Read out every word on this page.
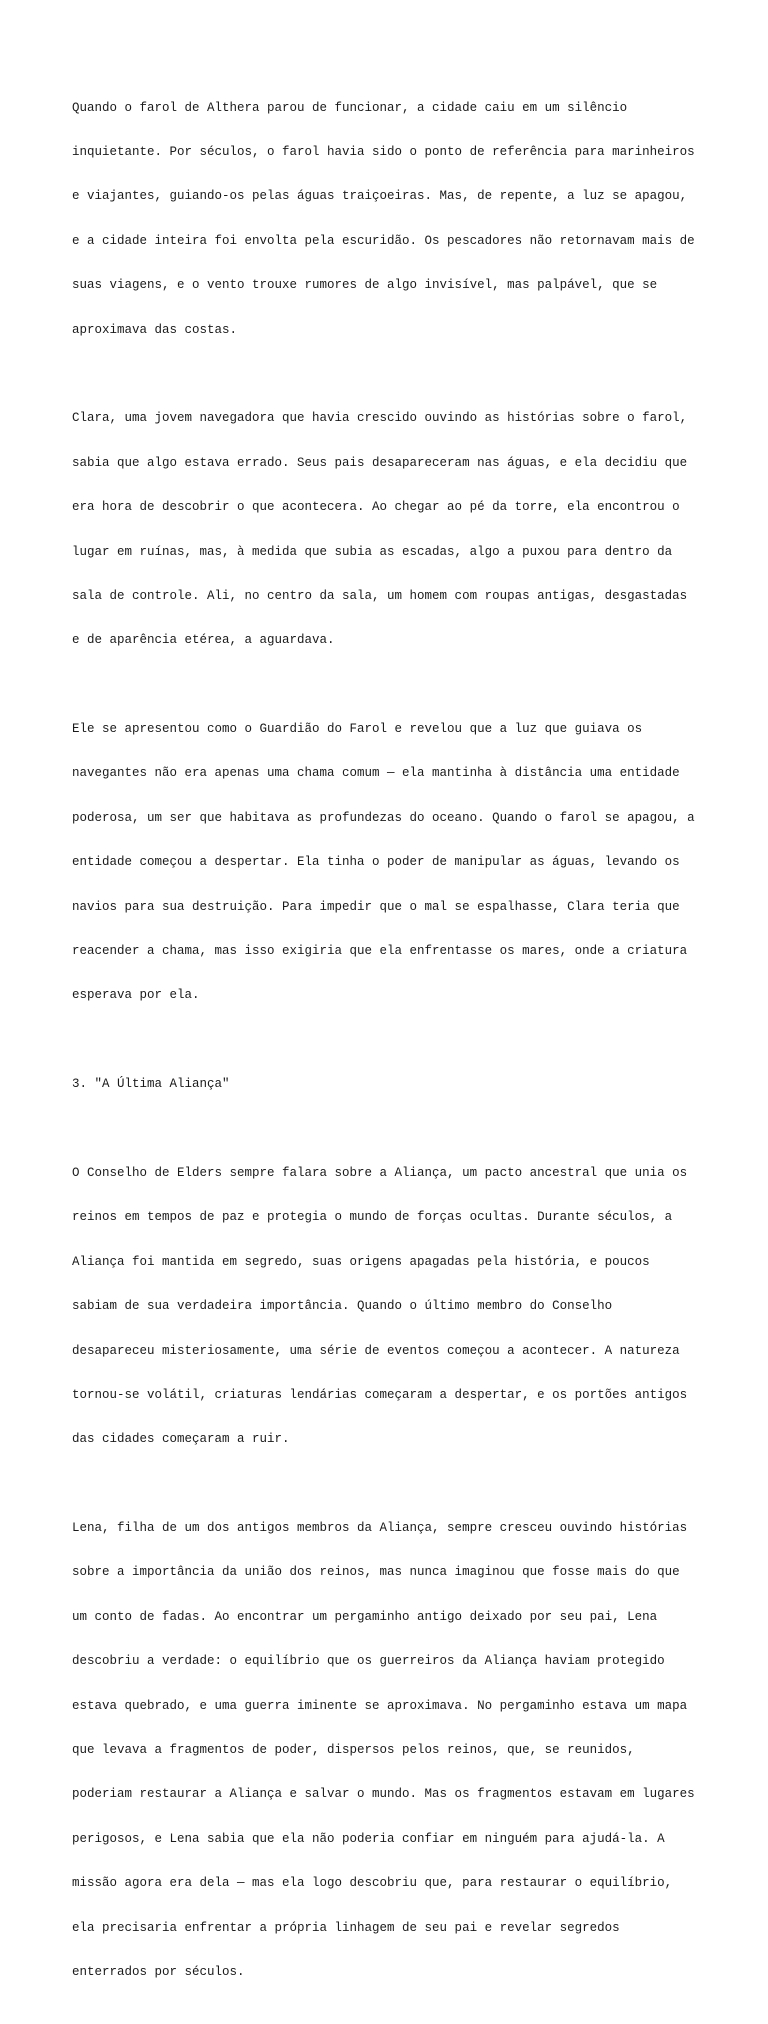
Quando o farol de Althera parou de funcionar, a cidade caiu em um silêncio

inquietante. Por séculos, o farol havia sido o ponto de referência para marinheiros

e viajantes, guiando-os pelas águas traiçoeiras. Mas, de repente, a luz se apagou,

e a cidade inteira foi envolta pela escuridão. Os pescadores não retornavam mais de

suas viagens, e o vento trouxe rumores de algo invisível, mas palpável, que se

aproximava das costas.

Clara, uma jovem navegadora que havia crescido ouvindo as histórias sobre o farol,

sabia que algo estava errado. Seus pais desapareceram nas águas, e ela decidiu que

era hora de descobrir o que acontecera. Ao chegar ao pé da torre, ela encontrou o

lugar em ruínas, mas, à medida que subia as escadas, algo a puxou para dentro da

sala de controle. Ali, no centro da sala, um homem com roupas antigas, desgastadas

e de aparência etérea, a aguardava.

Ele se apresentou como o Guardião do Farol e revelou que a luz que guiava os

navegantes não era apenas uma chama comum — ela mantinha à distância uma entidade

poderosa, um ser que habitava as profundezas do oceano. Quando o farol se apagou, a

entidade começou a despertar. Ela tinha o poder de manipular as águas, levando os

navios para sua destruição. Para impedir que o mal se espalhasse, Clara teria que

reacender a chama, mas isso exigiria que ela enfrentasse os mares, onde a criatura

esperava por ela.

3. "A Última Aliança"

O Conselho de Elders sempre falara sobre a Aliança, um pacto ancestral que unia os

reinos em tempos de paz e protegia o mundo de forças ocultas. Durante séculos, a

Aliança foi mantida em segredo, suas origens apagadas pela história, e poucos

sabiam de sua verdadeira importância. Quando o último membro do Conselho

desapareceu misteriosamente, uma série de eventos começou a acontecer. A natureza

tornou-se volátil, criaturas lendárias começaram a despertar, e os portões antigos

das cidades começaram a ruir.

Lena, filha de um dos antigos membros da Aliança, sempre cresceu ouvindo histórias

sobre a importância da união dos reinos, mas nunca imaginou que fosse mais do que

um conto de fadas. Ao encontrar um pergaminho antigo deixado por seu pai, Lena

descobriu a verdade: o equilíbrio que os guerreiros da Aliança haviam protegido

estava quebrado, e uma guerra iminente se aproximava. No pergaminho estava um mapa

que levava a fragmentos de poder, dispersos pelos reinos, que, se reunidos,

poderiam restaurar a Aliança e salvar o mundo. Mas os fragmentos estavam em lugares

perigosos, e Lena sabia que ela não poderia confiar em ninguém para ajudá-la. A

missão agora era dela — mas ela logo descobriu que, para restaurar o equilíbrio,

ela precisaria enfrentar a própria linhagem de seu pai e revelar segredos

enterrados por séculos.
